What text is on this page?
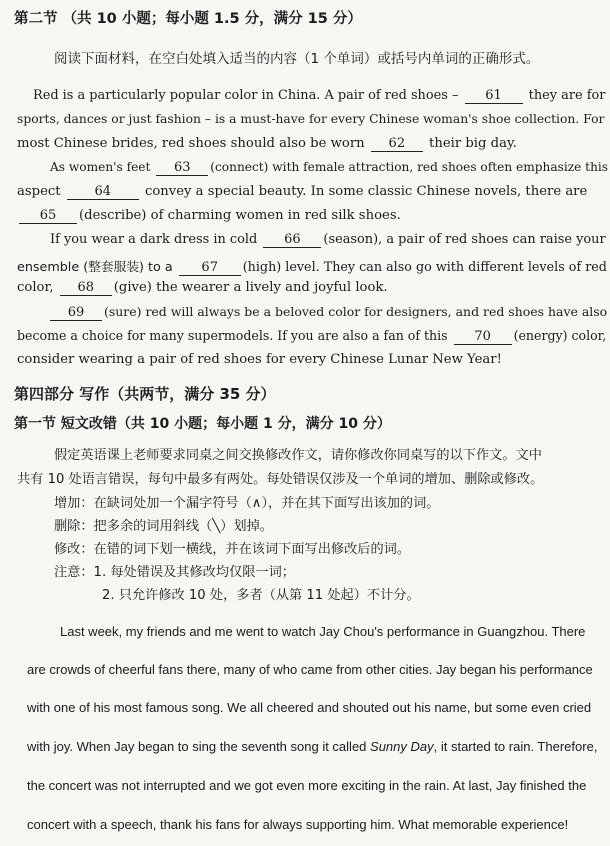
第二节 （共 10 小题；每小题 1.5 分，满分 15 分）
阅读下面材料，在空白处填入适当的内容（1 个单词）或括号内单词的正确形式。
Red is a particularly popular color in China. A pair of red shoes – 61 they are for
sports, dances or just fashion – is a must-have for every Chinese woman's shoe collection. For
most Chinese brides, red shoes should also be worn 62 their big day.
As women's feet 63 (connect) with female attraction, red shoes often emphasize this
aspect	64	convey a special beauty. In some classic Chinese novels, there are
65 (describe) of charming women in red silk shoes.
If you wear a dark dress in cold 66 (season), a pair of red shoes can raise your
ensemble (整套服装) to a 67 (high) level. They can also go with different levels of red
color, 68 (give) the wearer a lively and joyful look.
69 (sure) red will always be a beloved color for designers, and red shoes have also
become a choice for many supermodels. If you are also a fan of this 70 (energy) color,
consider wearing a pair of red shoes for every Chinese Lunar New Year!
第四部分 写作（共两节，满分 35 分）
第一节 短文改错（共 10 小题；每小题 1 分，满分 10 分）
假定英语课上老师要求同桌之间交换修改作文，请你修改你同桌写的以下作文。文中
共有 10 处语言错误，每句中最多有两处。每处错误仅涉及一个单词的增加、删除或修改。
增加：在缺词处加一个漏字符号（∧），并在其下面写出该加的词。
删除：把多余的词用斜线（╲）划掉。
修改：在错的词下划一横线，并在该词下面写出修改后的词。
注意：1. 每处错误及其修改均仅限一词；
2. 只允许修改 10 处，多者（从第 11 处起）不计分。
Last week, my friends and me went to watch Jay Chou's performance in Guangzhou. There
are crowds of cheerful fans there, many of who came from other cities. Jay began his performance
with one of his most famous song. We all cheered and shouted out his name, but some even cried
with joy. When Jay began to sing the seventh song it called Sunny Day, it started to rain. Therefore,
the concert was not interrupted and we got even more exciting in the rain. At last, Jay finished the
concert with a speech, thank his fans for always supporting him. What memorable experience!
